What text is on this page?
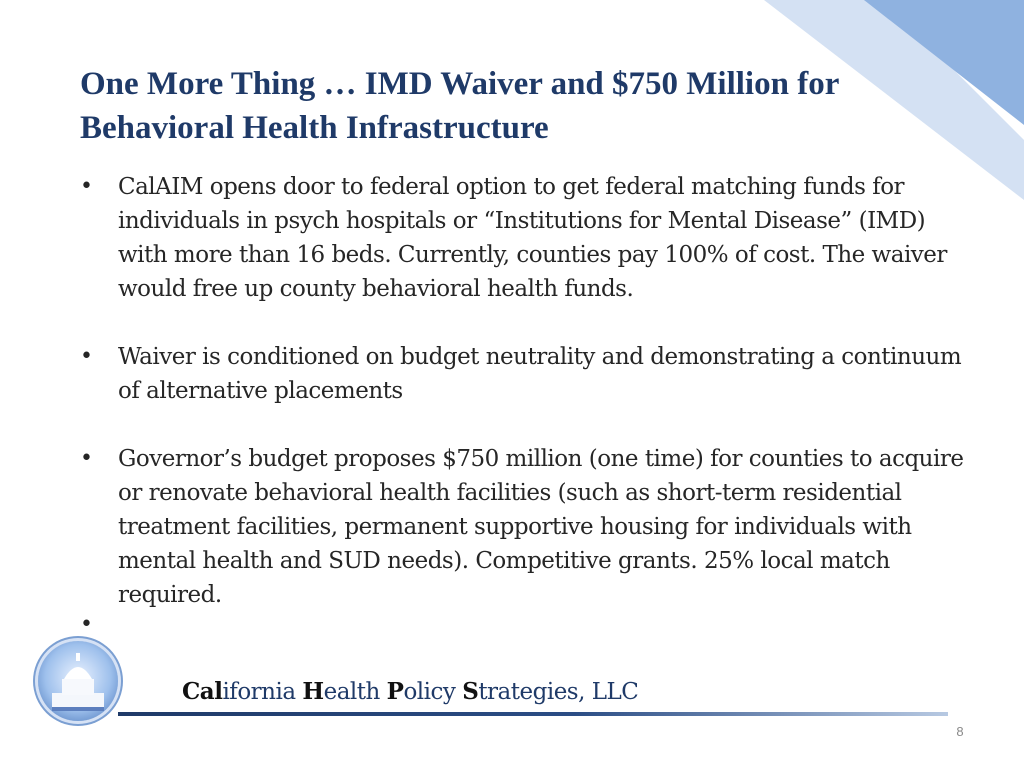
One More Thing … IMD Waiver and $750 Million for Behavioral Health Infrastructure
• CalAIM opens door to federal option to get federal matching funds for individuals in psych hospitals or “Institutions for Mental Disease” (IMD) with more than 16 beds. Currently, counties pay 100% of cost. The waiver would free up county behavioral health funds.
• Waiver is conditioned on budget neutrality and demonstrating a continuum of alternative placements
• Governor’s budget proposes $750 million (one time) for counties to acquire or renovate behavioral health facilities (such as short-term residential treatment facilities, permanent supportive housing for individuals with mental health and SUD needs). Competitive grants. 25% local match required.
•
California Health Policy Strategies, LLC
8
